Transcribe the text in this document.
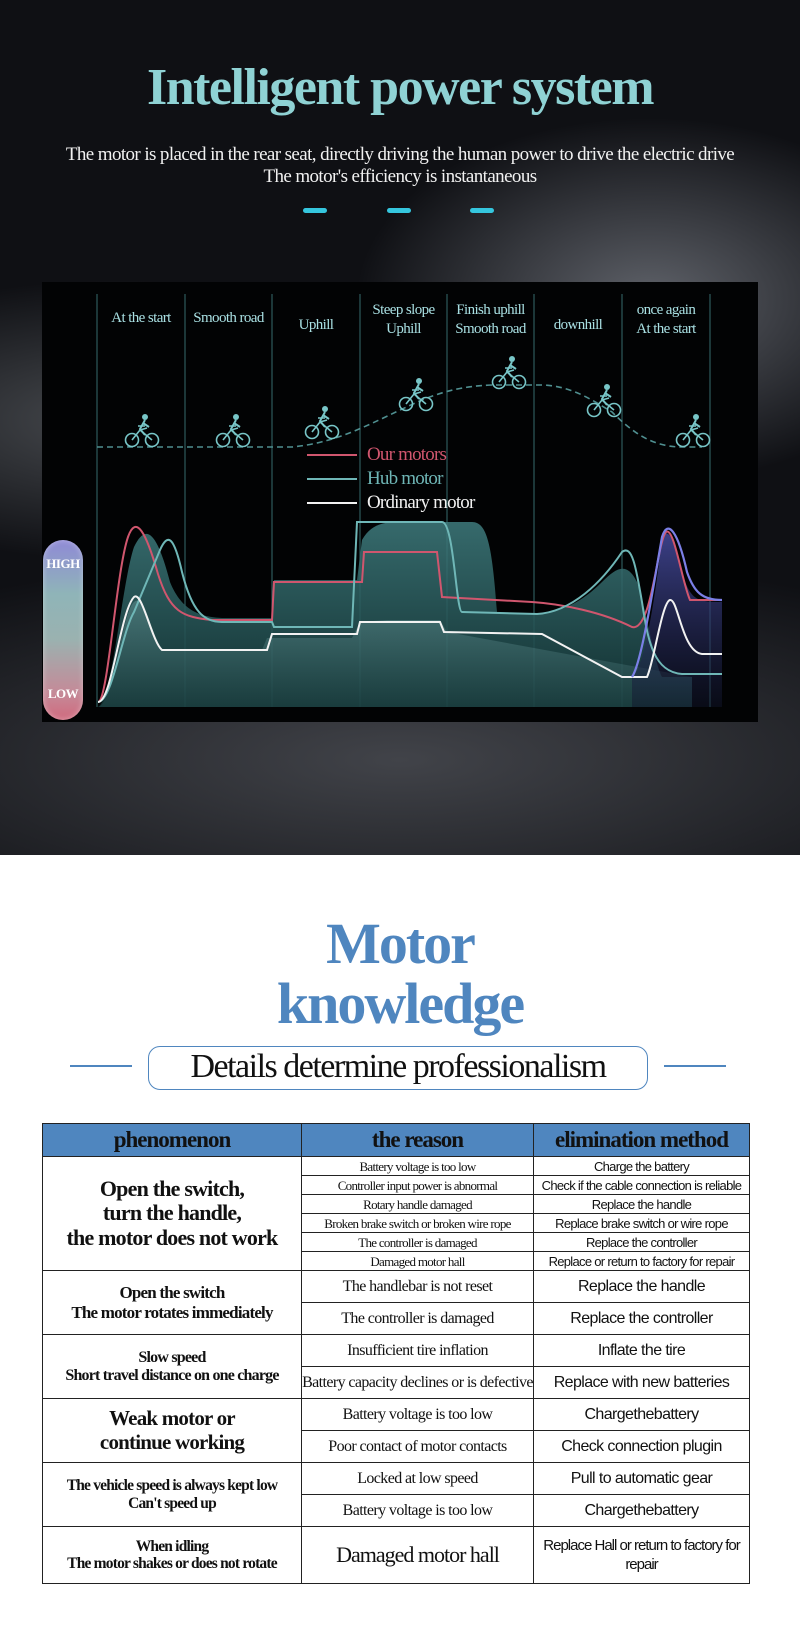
Intelligent power system

The motor is placed in the rear seat, directly driving the human power to drive the electric drive

The motor's efficiency is instantaneous

At the start Smooth road Uphill
Steep slope
Uphill
Finish uphill
Smooth road downhill
once again
At the start
Our motors
Hub motor
Ordinary motor
HIGH
LOW
Motor
knowledge
Details determine professionalism
phenomenon	the reason	elimination method

Open the switch,
turn the handle,
the motor does not work	Battery voltage is too low	Charge the battery
	Controller input power is abnormal	Check if the cable connection is reliable
	Rotary handle damaged	Replace the handle
	Broken brake switch or broken wire rope	Replace brake switch or wire rope
	The controller is damaged	Replace the controller
	Damaged motor hall	Replace or return to factory for repair

Open the switch
The motor rotates immediately	The handlebar is not reset	Replace the handle
	The controller is damaged	Replace the controller

Slow speed
Short travel distance on one charge	Insufficient tire inflation	Inflate the tire
	Battery capacity declines or is defective	Replace with new batteries

Weak motor or
continue working	Battery voltage is too low	Chargethebattery
	Poor contact of motor contacts	Check connection plugin

The vehicle speed is always kept low
Can't speed up	Locked at low speed	Pull to automatic gear
	Battery voltage is too low	Chargethebattery

When idling
The motor shakes or does not rotate	Damaged motor hall	Replace Hall or return to factory for repair
